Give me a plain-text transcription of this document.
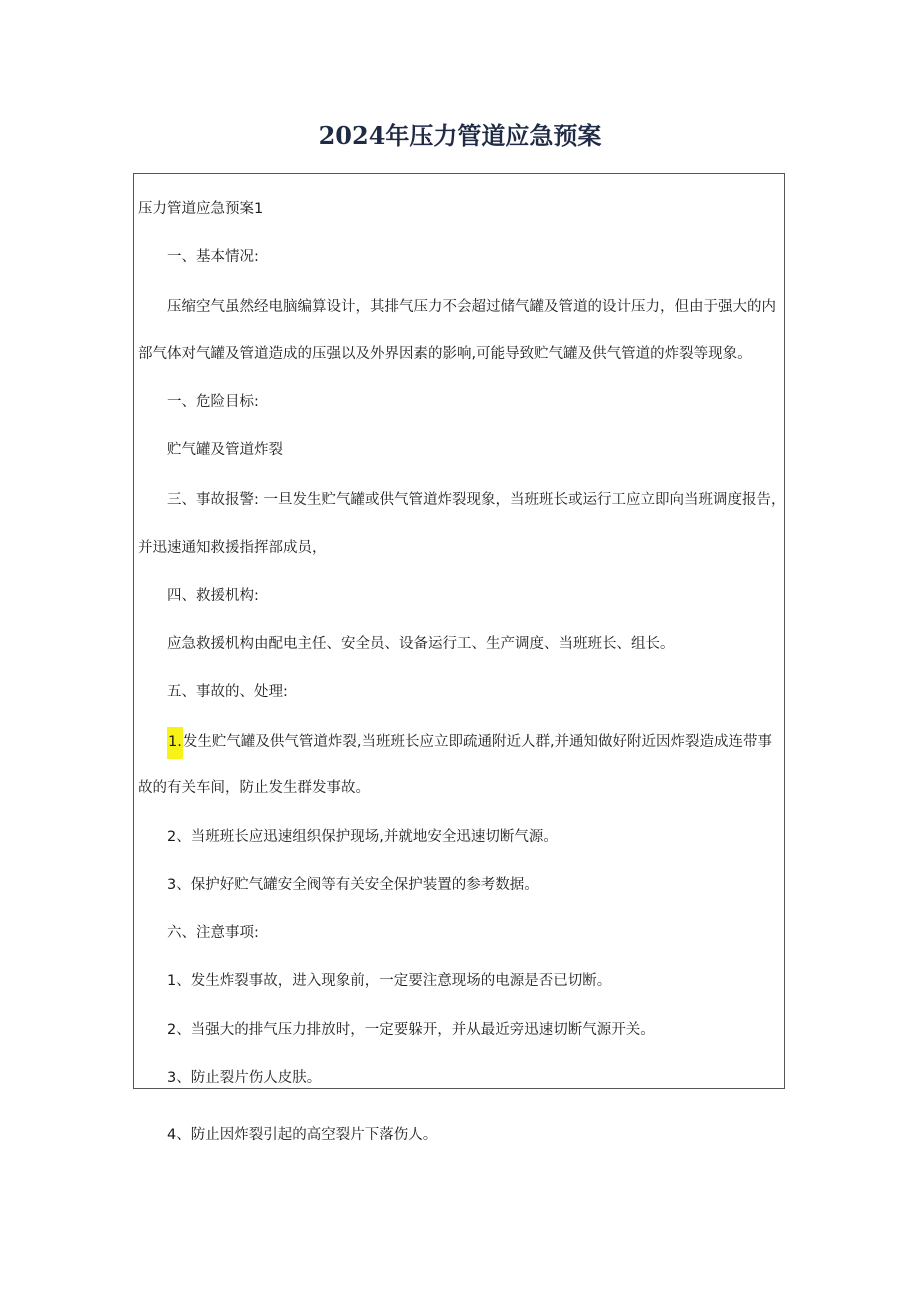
2024年压力管道应急预案
压力管道应急预案1
一、基本情况:
压缩空气虽然经电脑编算设计，其排气压力不会超过储气罐及管道的设计压力，但由于强大的内
部气体对气罐及管道造成的压强以及外界因素的影响,可能导致贮气罐及供气管道的炸裂等现象。
一、危险目标:
贮气罐及管道炸裂
三、事故报警: 一旦发生贮气罐或供气管道炸裂现象，当班班长或运行工应立即向当班调度报告，
并迅速通知救援指挥部成员，
四、救援机构:
应急救援机构由配电主任、安全员、设备运行工、生产调度、当班班长、组长。
五、事故的、处理:
1.发生贮气罐及供气管道炸裂,当班班长应立即疏通附近人群,并通知做好附近因炸裂造成连带事
故的有关车间，防止发生群发事故。
2、当班班长应迅速组织保护现场,并就地安全迅速切断气源。
3、保护好贮气罐安全阀等有关安全保护装置的参考数据。
六、注意事项:
1、发生炸裂事故，进入现象前，一定要注意现场的电源是否已切断。
2、当强大的排气压力排放时，一定要躲开，并从最近旁迅速切断气源开关。
3、防止裂片伤人皮肤。
4、防止因炸裂引起的高空裂片下落伤人。
